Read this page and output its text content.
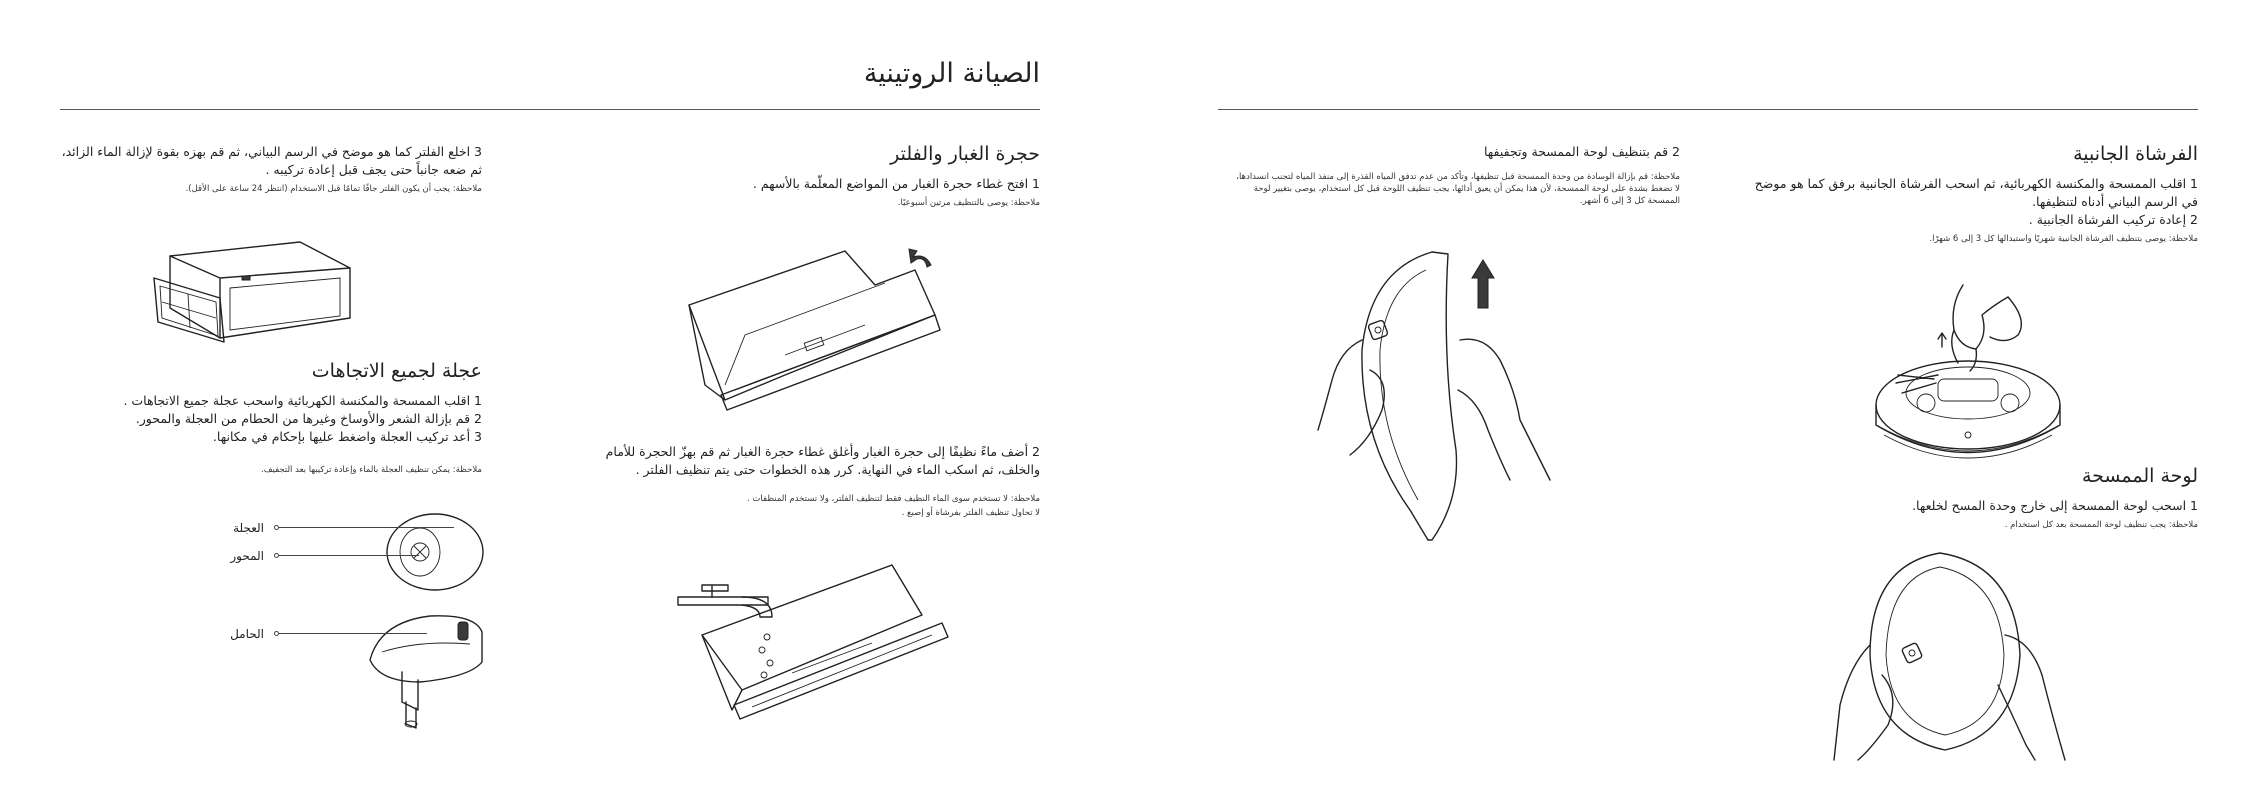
الصيانة الروتينية
الفرشاة الجانبية
1 اقلب الممسحة والمكنسة الكهربائية، ثم اسحب الفرشاة الجانبية برفق كما هو موضح في الرسم البياني أدناه لتنظيفها.
2 إعادة تركيب الفرشاة الجانبية .
ملاحظة: يوصى بتنظيف الفرشاة الجانبية شهريًا واستبدالها كل 3 إلى 6 شهرًا.
لوحة الممسحة
1 اسحب لوحة الممسحة إلى خارج وحدة المسح لخلعها.
ملاحظة: يجب تنظيف لوحة الممسحة بعد كل استخدام .
2 قم بتنظيف لوحة الممسحة وتجفيفها
ملاحظة: قم بإزالة الوسادة من وحدة الممسحة قبل تنظيفها، وتأكد من عدم تدفق المياه القذرة إلى منفذ المياه لتجنب انسدادها، لا تضغط بشدة على لوحة الممسحة، لأن هذا يمكن أن يعيق أدائها، يجب تنظيف اللوحة قبل كل استخدام، يوصى بتغيير لوحة الممسحة كل 3 إلى 6 أشهر.
حجرة الغبار والفلتر
1 افتح غطاء حجرة الغبار من المواضع المعلّمة بالأسهم .
ملاحظة: يوصى بالتنظيف مرتين أسبوعيًا.
2 أضف ماءً نظيفًا إلى حجرة الغبار وأغلق غطاء حجرة الغبار ثم قم بهزّ الحجرة للأمام والخلف، ثم اسكب الماء في النهاية. كرر هذه الخطوات حتى يتم تنظيف الفلتر .
ملاحظة: لا تستخدم سوى الماء النظيف فقط لتنظيف الفلتر، ولا تستخدم المنظفات .
لا تحاول تنظيف الفلتر بفرشاة أو إصبع .
3 اخلع الفلتر كما هو موضح في الرسم البياني، ثم قم بهزه بقوة لإزالة الماء الزائد، ثم ضعه جانباً حتى يجف قبل إعادة تركيبه .
ملاحظة: يجب أن يكون الفلتر جافًا تمامًا قبل الاستخدام (انتظر 24 ساعة على الأقل).
عجلة لجميع الاتجاهات
1 اقلب الممسحة والمكنسة الكهربائية واسحب عجلة جميع الاتجاهات .
2 قم بإزالة الشعر والأوساخ وغيرها من الحطام من العجلة والمحور.
3 أعد تركيب العجلة واضغط عليها بإحكام في مكانها.
ملاحظة: يمكن تنظيف العجلة بالماء وإعادة تركيبها بعد التجفيف.
العجلة
المحور
الحامل
